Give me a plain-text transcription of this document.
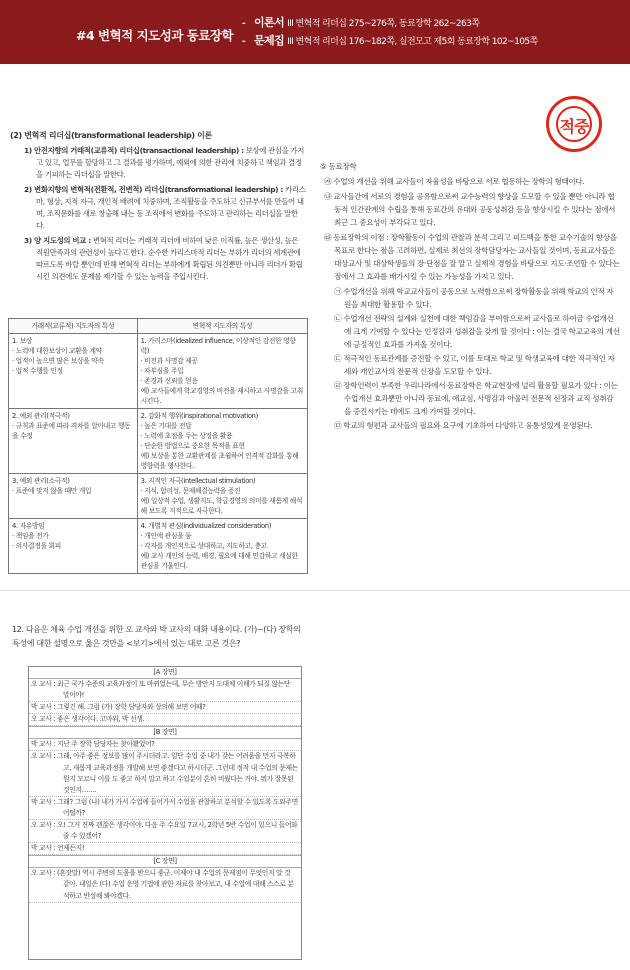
#4 변혁적 지도성과 동료장학
- 이론서 III 변혁적 리더십 275~276쪽, 동료장학 262~263쪽
- 문제집 III 변혁적 리더십 176~182쪽, 실전모고 제5회 동료장학 102~105쪽
적중
(2) 변혁적 리더십(transformational leadership) 이론
1) 안전지향의 거래적(교류적) 리더십(transactional leadership) : 보상에 관심을 가지고 있고, 업무를 할당하고 그 결과를 평가하며, 예외에 의한 관리에 치중하고 책임과 결정을 기피하는 리더십을 말한다.
2) 변화지향의 변혁적(전환적, 전변적) 리더십(transformational leadership) : 카리스마, 형상, 지적 자극, 개인적 배려에 치중하며, 조직활동을 주도하고 신규부서를 만들어 내며, 조직문화를 새로 창출해 내는 등 조직에서 변화를 주도하고 관리하는 리더십을 말한다.
3) 양 지도성의 비교 : 변혁적 리더는 거래적 리더에 비하여 낮은 이직률, 높은 생산성, 높은 직원만족과의 관련성이 높다고 한다. 순수한 카리스마적 리더는 부하가 리더의 세계관에 따르도록 바랄 뿐인데 반해 변혁적 리더는 부하에게 확립된 의견뿐만 아니라 리더가 확립시킨 의견에도 문제를 제기할 수 있는 능력을 주입시킨다.
거래적(교류적) 지도자의 특성	변혁적 지도자의 특성
1. 보상
· 노력에 대한보상이 교환을 계약
· 업적이 높으면 많은 보상을 약속
· 업적 수행를 인정	1. 카리스마(idealized influence, 이상적인 감전한 영향력)
· 비전과 사명감 제공
· 자부심을 주입
· 존경과 신뢰를 얻음
예) 교사들에게 학교경영의 비전을 제시하고 사명감을 고취시킨다.
2. 예외 관리(적극적)
· 규칙과 표준에 따라 격차를 알아내고 행동을 수정	2. 감화적 행위(inspirational motivation)
· 높은 기대를 전달
· 노력에 초점을 두는 상징을 활용
· 단순한 방법으로 중요한 목적을 표현
예) 보상을 통한 교환관계를 초월하여 인격적 감화를 통해 영향력을 행사한다.
3. 예외 관리(소극적)
· 표준에 맞지 않을 때만 개입	3. 지적인 자극(intellectual stimulation)
· 지식, 합리성, 문제해결능력을 증진
예) 일상적 수업, 생활지도, 학급경영의 의미를 새롭게 해석해 보도록 지적으로 자극한다.
4. 자유방임
· 책임을 전가
· 의사결정을 회피	4. 개별적 관심(individualized consideration)
· 개인에 관심을 둠
· 각자를 개인적으로 상대하고, 지도하고, 충고
예) 교사 개인의 능력, 배경, 필요에 대해 민감하고 세심한 관심을 기울인다.
⑤ 동료장학
㉮ 수업의 개선을 위해 교사들이 자율성을 바탕으로 서로 협동하는 장학의 형태이다.
㉯ 교사들간에 서로의 경험을 공유함으로써 교수능력의 향상을 도모할 수 있을 뿐만 아니라 협동적 인간관계의 수립을 통해 동료간의 유대와 공동성취감 등을 향상시킬 수 있다는 점에서 최근 그 중요성이 부각되고 있다.
㉰ 동료장학의 이점 : 장학활동이 수업의 관찰과 분석 그리고 피드백을 통한 교수기술의 향상을 목표로 한다는 점을 고려하면, 실제로 최선의 장학담당자는 교사들일 것이며, 동료교사들은 대상교사 및 대상학생들의 장·단점을 잘 알고 실제적 경험을 바탕으로 지도·조언할 수 있다는 점에서 그 효과를 배가시킬 수 있는 가능성을 가지고 있다.
㉠ 수업개선을 위해 학교교사들이 공동으로 노력함으로써 장학활동을 위해 학교의 인적 자원을 최대한 활용할 수 있다.
㉡ 수업개선 전략의 설계와 실천에 대한 책임감을 부여함으로써 교사들로 하여금 수업개선에 크게 기여할 수 있다는 인정감과 성취감을 갖게 할 것이다 : 이는 결국 학교교육의 개선에 긍정적인 효과를 가져올 것이다.
㉢ 적극적인 동료관계를 증진할 수 있고, 이를 토대로 학교 및 학생교육에 대한 적극적인 자세와 개인교사의 전문적 신장을 도모할 수 있다.
㉣ 장학인력이 부족한 우리나라에서 동료장학은 학교현장에 널리 활용할 필요가 있다 : 이는 수업개선 효과뿐만 아니라 동료에, 애교심, 사명감과 아울러 전문적 신장과 교직 성취감을 증진시키는 데에도 크게 기여할 것이다.
㉤ 학교의 형편과 교사들의 필요와 요구에 기초하여 다양하고 융통성있게 운영된다.
12. 다음은 체육 수업 개선을 위한 오 교사와 박 교사의 대화 내용이다. (가)~(다) 장학의 특성에 대한 설명으로 옳은 것만을 <보기>에서 있는 대로 고른 것은?
[A 장면]
오 교사 : 최근 국가 수준의 교육과정이 또 바뀌었는데, 무슨 방안지 도대체 이해가 되질 않는단 말이야!
박 교사 : 그렇긴 해. 그럼 (가) 장학 담당자와 상의해 보면 어때?
오 교사 : 좋은 생각이다. 고마워, 박 선생.
[B 장면]
박 교사 : 지난 주 장학 담당자는 찾아봤었어?
오 교사 : 그래, 아주 좋은 정보를 많이 주시더라고. 일단 수업 중 내가 갖는 어려움을 먼저 극복하고, 새롭게 교육과정을 개발해 보면 좋겠다고 하시더군. 그런데 정작 내 수업의 문제는 뭔지 모르니 이를 도 좋고 하지 말고 하고 수업분이 흔히 비웠다는 거야. 뭐가 잘못된 것인지…….
박 교사 : 그래? 그럼 (나) 내가 가서 수업에 들어가서 수업을 관찰하고 분석할 수 있도록 도와주면 어떨까?
오 교사 : 오! 그거 진짜 괜찮은 생각이야. 다음 주 수요일 7교시, 2학년 5반 수업이 있으니 들어와 줄 수 있겠어?
박 교사 : 언제든지!
[C 장면]
오 교사 : (혼잣말) 역시 주변의 도움을 받으니 좋군. 이제야 내 수업의 문제점이 무엇인지 알 것 같아. 내일은 (다) 수업 운영 기법에 관한 자료를 찾아보고, 내 수업에 대해 스스로 분석하고 반성해 봐야겠다.
